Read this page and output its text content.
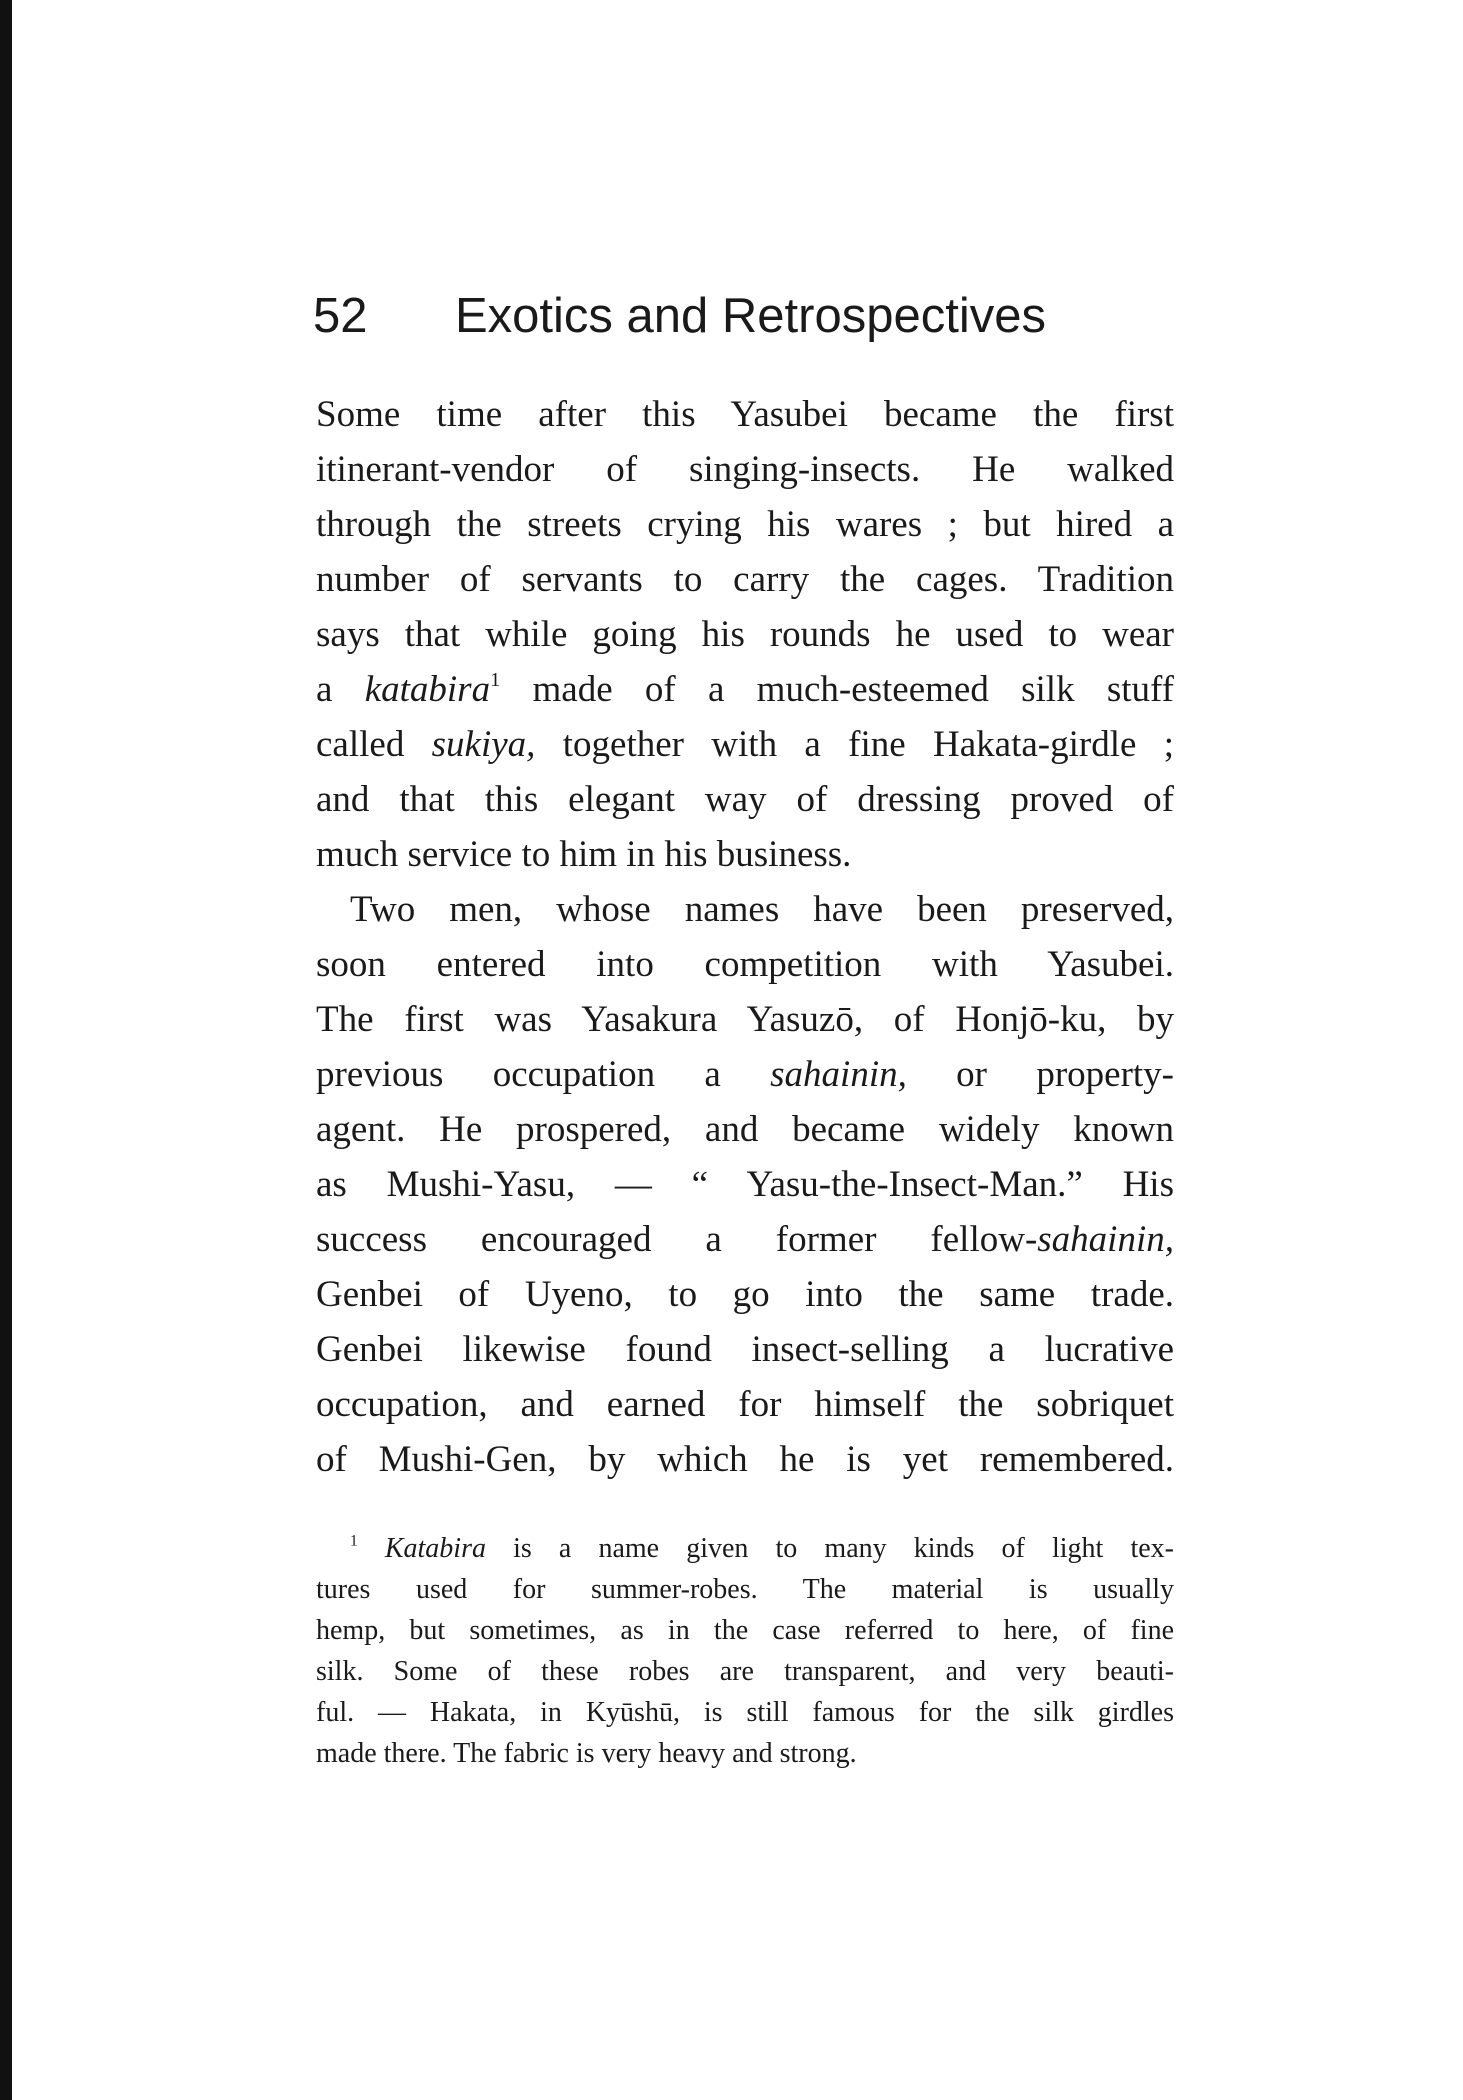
52 Exotics and Retrospectives
Some time after this Yasubei became the first
itinerant-vendor of singing-insects. He walked
through the streets crying his wares ; but hired a
number of servants to carry the cages. Tradition
says that while going his rounds he used to wear
a katabira$^1$ made of a much-esteemed silk stuff
called sukiya, together with a fine Hakata-girdle ;
and that this elegant way of dressing proved of
much service to him in his business.
Two men, whose names have been preserved,
soon entered into competition with Yasubei.
The first was Yasakura Yasuzō, of Honjō-ku, by
previous occupation a sahainin, or property-
agent. He prospered, and became widely known
as Mushi-Yasu, — “ Yasu-the-Insect-Man.” His
success encouraged a former fellow-sahainin,
Genbei of Uyeno, to go into the same trade.
Genbei likewise found insect-selling a lucrative
occupation, and earned for himself the sobriquet
of Mushi-Gen, by which he is yet remembered.
$^1$ Katabira is a name given to many kinds of light tex-
tures used for summer-robes. The material is usually
hemp, but sometimes, as in the case referred to here, of fine
silk. Some of these robes are transparent, and very beauti-
ful. — Hakata, in Kyūshū, is still famous for the silk girdles
made there. The fabric is very heavy and strong.
